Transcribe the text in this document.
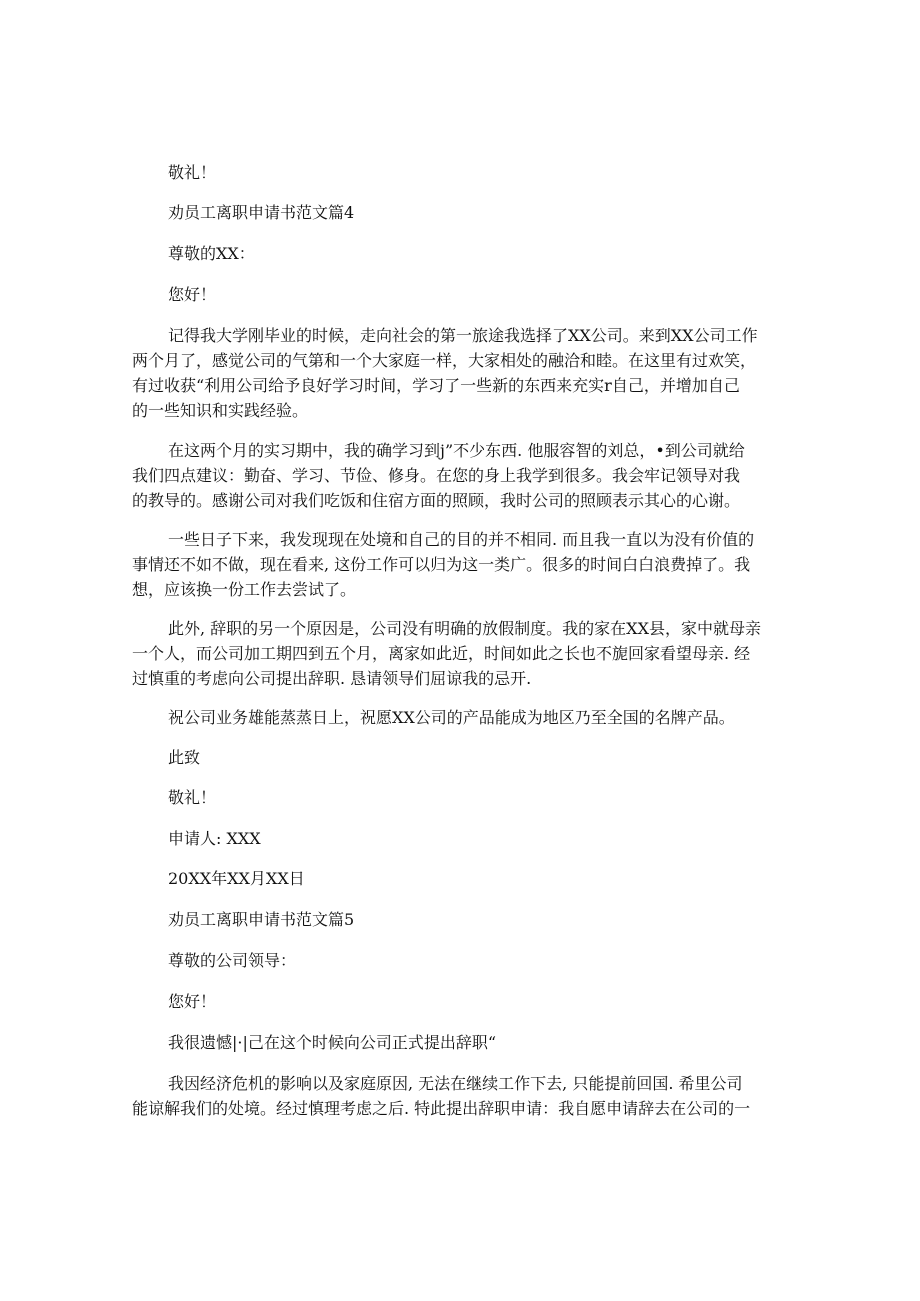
敬礼！
劝员工离职申请书范文篇4
尊敬的XX：
您好！
记得我大学刚毕业的时候，走向社会的第一旅途我选择了XX公司。来到XX公司工作
两个月了，感觉公司的气第和一个大家庭一样，大家相处的融洽和睦。在这里有过欢笑，
有过收获“利用公司给予良好学习时间，学习了一些新的东西来充实r自己，并增加自己
的一些知识和实践经验。
在这两个月的实习期中，我的确学习到j”不少东西. 他服容智的刘总，•到公司就给
我们四点建议：勤奋、学习、节俭、修身。在您的身上我学到很多。我会牢记领导对我
的教导的。感谢公司对我们吃饭和住宿方面的照顾，我时公司的照顾表示其心的心谢。
一些日子下来，我发现现在处境和自己的目的并不相同. 而且我一直以为没有价值的
事情还不如不做，现在看来, 这份工作可以归为这一类广。很多的时间白白浪费掉了。我
想，应该换一份工作去尝试了。
此外, 辞职的另一个原因是，公司没有明确的放假制度。我的家在XX县，家中就母亲
一个人，而公司加工期四到五个月，离家如此近，时间如此之长也不旎回家看望母亲. 经
过慎重的考虑向公司提出辞职. 恳请领导们屈谅我的忌开.
祝公司业务雄能蒸蒸日上，祝愿XX公司的产品能成为地区乃至全国的名牌产品。
此致
敬礼！
申请人: XXX
20XX年XX月XX日
劝员工离职申请书范文篇5
尊敬的公司领导：
您好！
我很遗憾|·|己在这个时候向公司正式提出辞职“
我因经济危机的影响以及家庭原因, 无法在继续工作下去, 只能提前回国. 希里公司
能谅解我们的处境。经过慎理考虑之后. 特此提出辞职申请：我自愿申请辞去在公司的一
